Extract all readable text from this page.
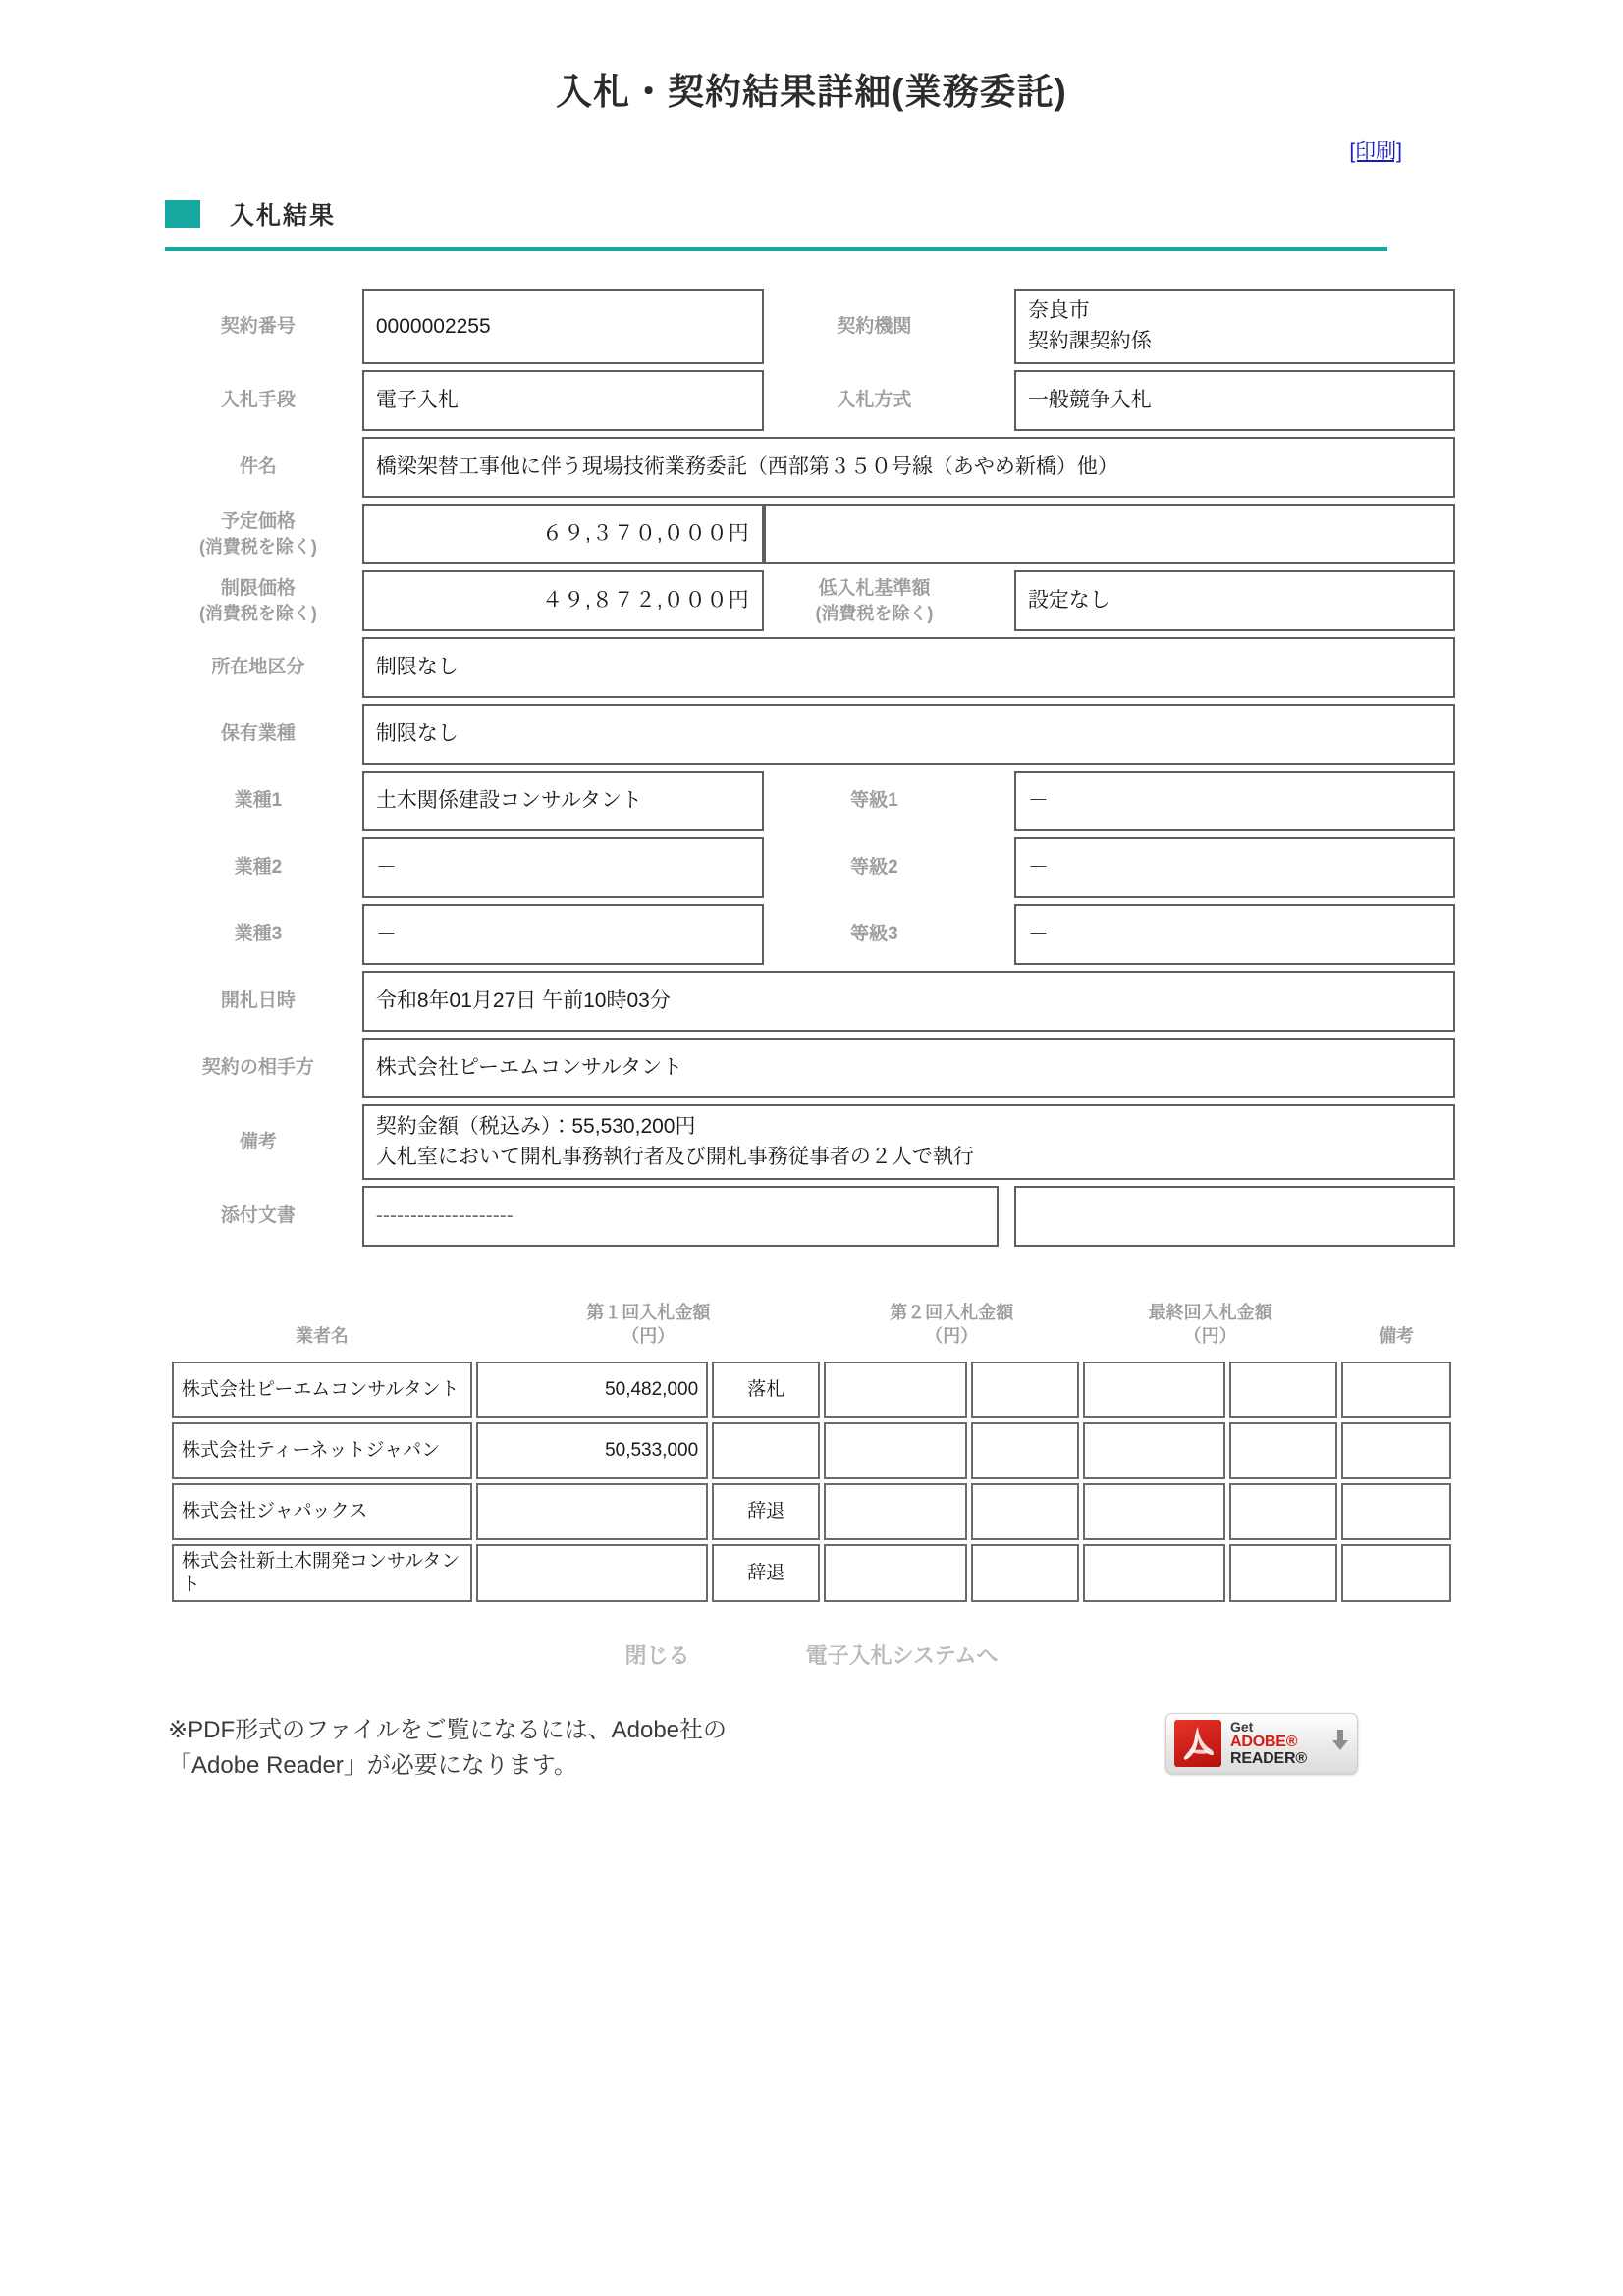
入札・契約結果詳細(業務委託)
[印刷]
入札結果
契約番号	0000002255	契約機関		奈良市
契約課契約係

入札手段	電子入札	入札方式		一般競争入札
件名	橋梁架替工事他に伴う現場技術業務委託（西部第３５０号線（あやめ新橋）他）			
予定価格
(消費税を除く)	６９,３７０,０００円			
制限価格
(消費税を除く)	４９,８７２,０００円	低入札基準額
(消費税を除く)		設定なし
所在地区分	制限なし			
保有業種	制限なし			
業種1	土木関係建設コンサルタント	等級1		－
業種2	－	等級2		－
業種3	－	等級3		－
開札日時	令和8年01月27日 午前10時03分			
契約の相手方	株式会社ピーエムコンサルタント			
備考	契約金額（税込み）：55,530,200円
入札室において開札事務執行者及び開札事務従事者の２人で執行			

添付文書	--------------------			
業者名

第１回入札金額
（円）

第２回入札金額
（円）

最終回入札金額
（円）	備考

株式会社ピーエムコンサルタント	50,482,000	落札					
株式会社ティーネットジャパン	50,533,000						
株式会社ジャパックス		辞退					
株式会社新土木開発コンサルタント		辞退					
閉じる	電子入札システムへ
※PDF形式のファイルをご覧になるには、Adobe社の
「Adobe Reader」が必要になります。
Get
ADOBE® READER®
